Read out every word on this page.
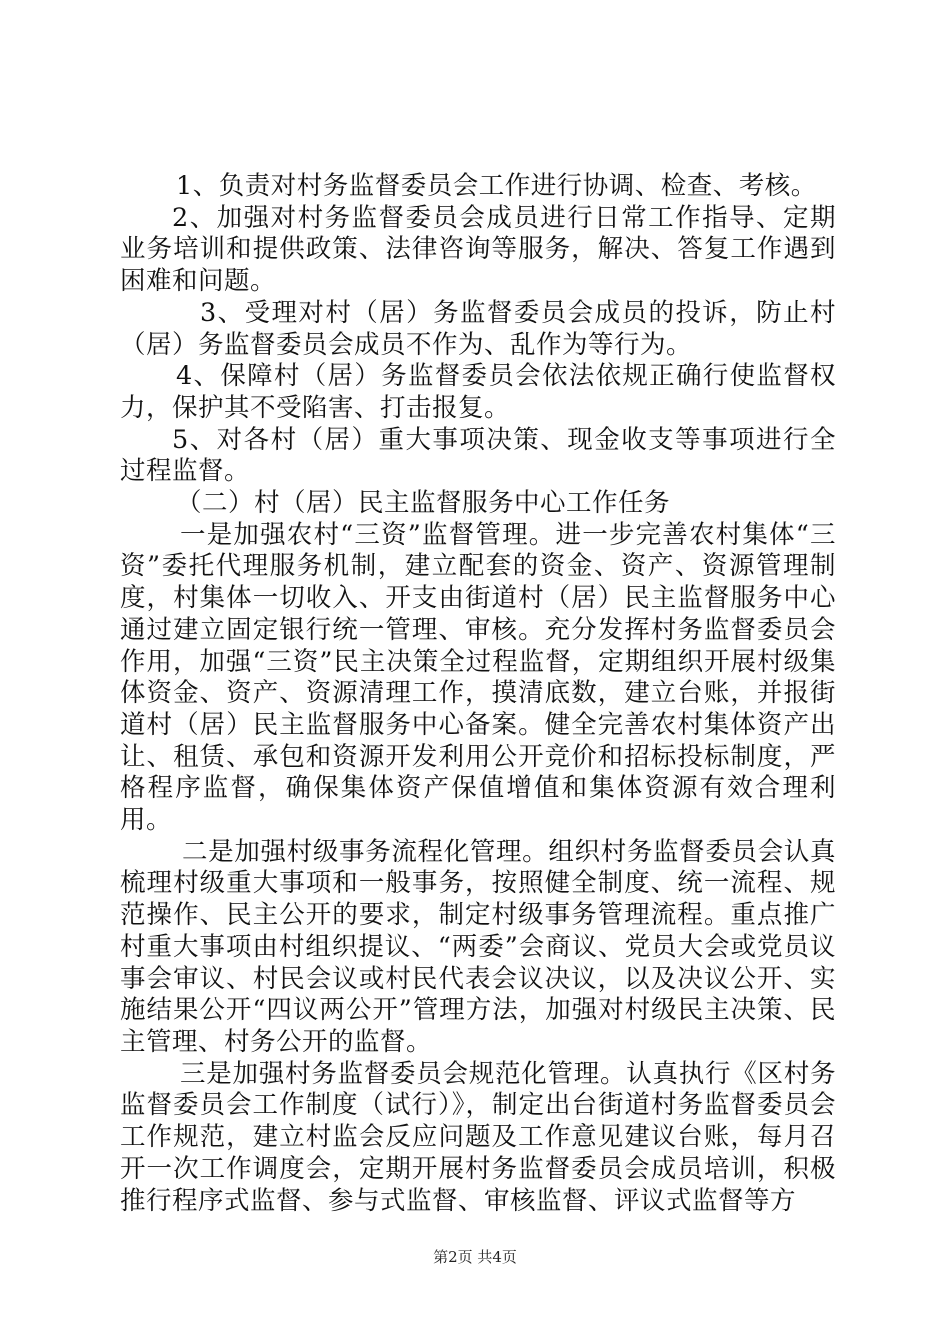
1、负责对村务监督委员会工作进行协调、检查、考核。

2、加强对村务监督委员会成员进行日常工作指导、定期业务培训和提供政策、法律咨询等服务，解决、答复工作遇到困难和问题。

3、受理对村（居）务监督委员会成员的投诉，防止村（居）务监督委员会成员不作为、乱作为等行为。

4、保障村（居）务监督委员会依法依规正确行使监督权力，保护其不受陷害、打击报复。

5、对各村（居）重大事项决策、现金收支等事项进行全过程监督。

（二）村（居）民主监督服务中心工作任务

一是加强农村“三资”监督管理。进一步完善农村集体“三资”委托代理服务机制，建立配套的资金、资产、资源管理制度，村集体一切收入、开支由街道村（居）民主监督服务中心通过建立固定银行统一管理、审核。充分发挥村务监督委员会作用，加强“三资”民主决策全过程监督，定期组织开展村级集体资金、资产、资源清理工作，摸清底数，建立台账，并报街道村（居）民主监督服务中心备案。健全完善农村集体资产出让、租赁、承包和资源开发利用公开竞价和招标投标制度，严格程序监督，确保集体资产保值增值和集体资源有效合理利用。

二是加强村级事务流程化管理。组织村务监督委员会认真梳理村级重大事项和一般事务，按照健全制度、统一流程、规范操作、民主公开的要求，制定村级事务管理流程。重点推广村重大事项由村组织提议、“两委”会商议、党员大会或党员议事会审议、村民会议或村民代表会议决议，以及决议公开、实施结果公开“四议两公开”管理方法，加强对村级民主决策、民主管理、村务公开的监督。

三是加强村务监督委员会规范化管理。认真执行《区村务监督委员会工作制度（试行）》，制定出台街道村务监督委员会工作规范，建立村监会反应问题及工作意见建议台账，每月召开一次工作调度会，定期开展村务监督委员会成员培训，积极推行程序式监督、参与式监督、审核监督、评议式监督等方

第2页 共4页
